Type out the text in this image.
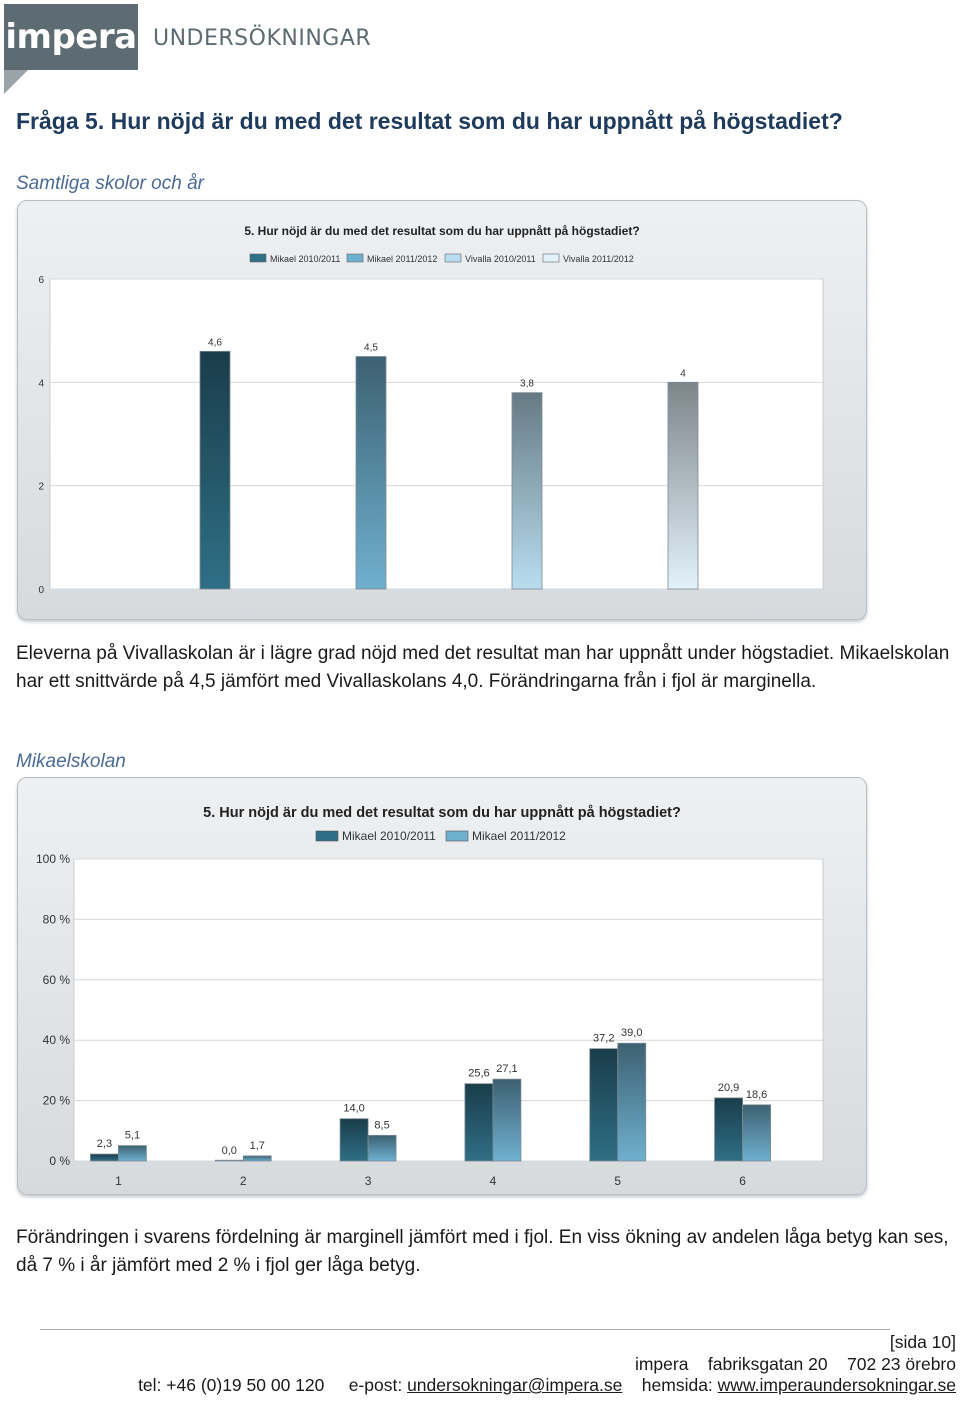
impera UNDERSÖKNINGAR
Fråga 5. Hur nöjd är du med det resultat som du har uppnått på högstadiet?
Samtliga skolor och år
5. Hur nöjd är du med det resultat som du har uppnått på högstadiet?
0
2
4
6
Mikael 2010/2011	Mikael 2011/2012	Vivalla 2010/2011	Vivalla 2011/2012
4,6	4,5
3,8
4
Eleverna på Vivallaskolan är i lägre grad nöjd med det resultat man har uppnått under högstadiet. Mikaelskolan har ett snittvärde på 4,5 jämfört med Vivallaskolans 4,0. Förändringarna från i fjol är marginella.
Mikaelskolan
5. Hur nöjd är du med det resultat som du har uppnått på högstadiet?
0 %
20 %
40 %
60 %
80 %
100 %
Mikael 2010/2011	Mikael 2011/2012
1
2,3
5,1
2
0,0 1,7
3
14,0
8,5
4
25,6 27,1
5
37,2 39,0
6
20,9
18,6
Förändringen i svarens fördelning är marginell jämfört med i fjol. En viss ökning av andelen låga betyg kan ses, då 7 % i år jämfört med 2 % i fjol ger låga betyg.
[sida 10]
impera fabriksgatan 20 702 23 örebro
tel: +46 (0)19 50 00 120 e-post: undersokningar@impera.se hemsida: www.imperaundersokningar.se
